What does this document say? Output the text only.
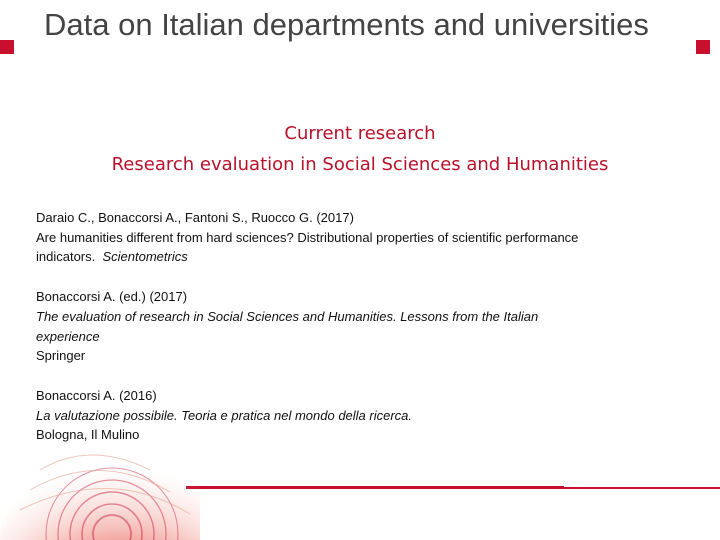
Data on Italian departments and universities

Current research

Research evaluation in Social Sciences and Humanities

Daraio C., Bonaccorsi A., Fantoni S., Ruocco G. (2017)
Are humanities different from hard sciences? Distributional properties of scientific performance
indicators. Scientometrics
Bonaccorsi A. (ed.) (2017)
The evaluation of research in Social Sciences and Humanities. Lessons from the Italian
experience
Springer
Bonaccorsi A. (2016)
La valutazione possibile. Teoria e pratica nel mondo della ricerca.
Bologna, Il Mulino
